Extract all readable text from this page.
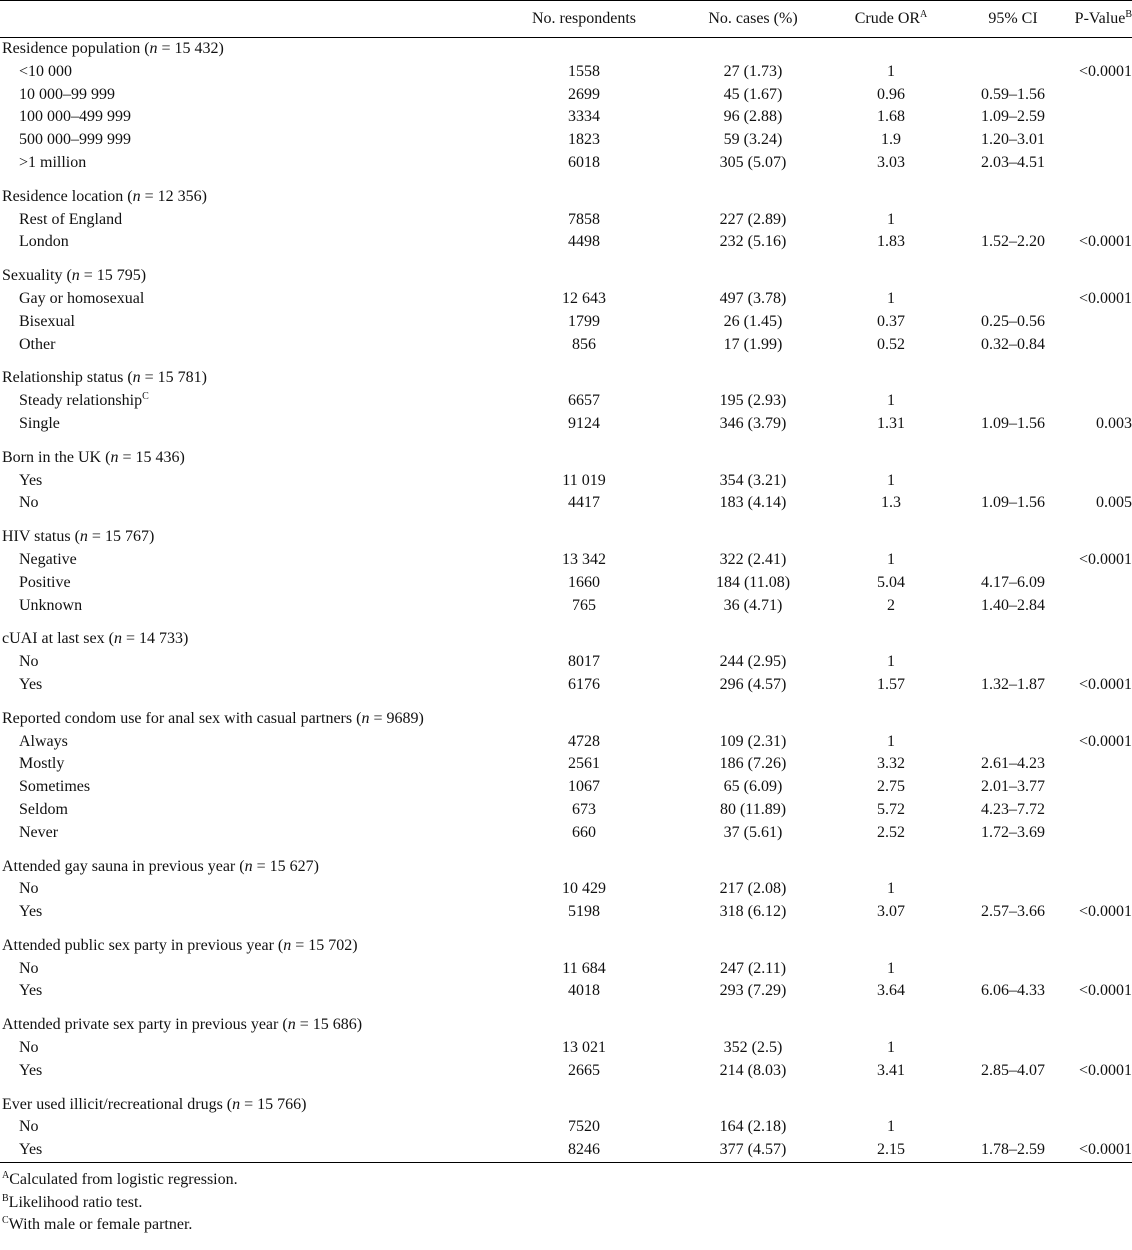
	No. respondents	No. cases (%)	Crude $OR^A$	95% CI	P-Value$^B$
Residence population (n = 15 432)					
<10 000	1558	27 (1.73)	1		<0.0001
10 000–99 999	2699	45 (1.67)	0.96	0.59–1.56	
100 000–499 999	3334	96 (2.88)	1.68	1.09–2.59	
500 000–999 999	1823	59 (3.24)	1.9	1.20–3.01	
>1 million	6018	305 (5.07)	3.03	2.03–4.51	
Residence location (n = 12 356)					
Rest of England	7858	227 (2.89)	1		
London	4498	232 (5.16)	1.83	1.52–2.20	<0.0001
Sexuality (n = 15 795)					
Gay or homosexual	12 643	497 (3.78)	1		<0.0001
Bisexual	1799	26 (1.45)	0.37	0.25–0.56	
Other	856	17 (1.99)	0.52	0.32–0.84	
Relationship status (n = 15 781)					
Steady relationship$^C$	6657	195 (2.93)	1		
Single	9124	346 (3.79)	1.31	1.09–1.56	0.003
Born in the UK (n = 15 436)					
Yes	11 019	354 (3.21)	1		
No	4417	183 (4.14)	1.3	1.09–1.56	0.005
HIV status (n = 15 767)					
Negative	13 342	322 (2.41)	1		<0.0001
Positive	1660	184 (11.08)	5.04	4.17–6.09	
Unknown	765	36 (4.71)	2	1.40–2.84	
cUAI at last sex (n = 14 733)					
No	8017	244 (2.95)	1		
Yes	6176	296 (4.57)	1.57	1.32–1.87	<0.0001
Reported condom use for anal sex with casual partners (n = 9689)					
Always	4728	109 (2.31)	1		<0.0001
Mostly	2561	186 (7.26)	3.32	2.61–4.23	
Sometimes	1067	65 (6.09)	2.75	2.01–3.77	
Seldom	673	80 (11.89)	5.72	4.23–7.72	
Never	660	37 (5.61)	2.52	1.72–3.69	
Attended gay sauna in previous year (n = 15 627)					
No	10 429	217 (2.08)	1		
Yes	5198	318 (6.12)	3.07	2.57–3.66	<0.0001
Attended public sex party in previous year (n = 15 702)					
No	11 684	247 (2.11)	1		
Yes	4018	293 (7.29)	3.64	6.06–4.33	<0.0001
Attended private sex party in previous year (n = 15 686)					
No	13 021	352 (2.5)	1		
Yes	2665	214 (8.03)	3.41	2.85–4.07	<0.0001
Ever used illicit/recreational drugs (n = 15 766)					
No	7520	164 (2.18)	1		
Yes	8246	377 (4.57)	2.15	1.78–2.59	<0.0001
$^A$Calculated from logistic regression.
$^B$Likelihood ratio test.
$^C$With male or female partner.
